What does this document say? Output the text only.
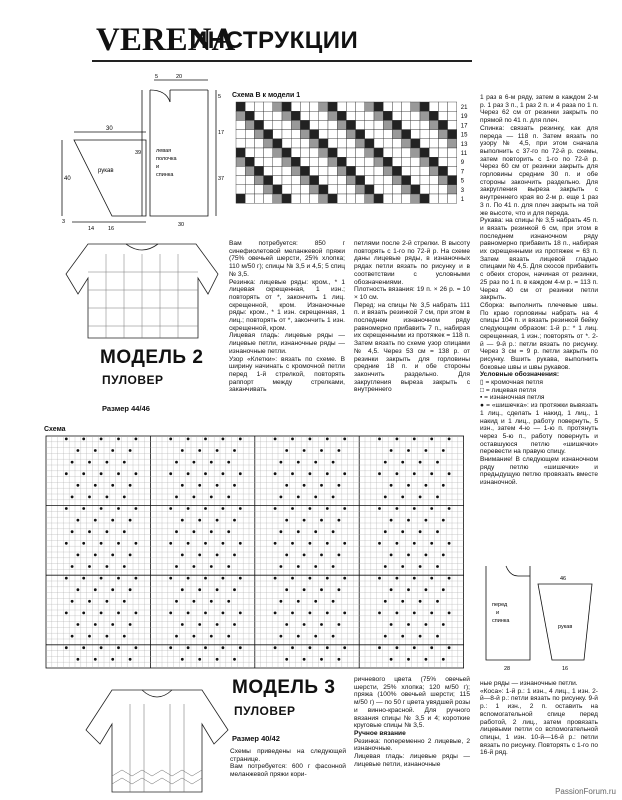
VERENA
ИНСТРУКЦИИ
30
40
рукав
5	20
5
17
37
39	левая
полочка
и
спинка
14	16
30
3
Схема B к модели 1
21
19
17
15
13
11
9
7
5
3
1

1 раз в 6-м ряду, затем в каждом 2-м р. 1 раз 3 п., 1 раз 2 п. и 4 раза по 1 п. Через 62 см от резинки закрыть по прямой по 41 п. для плеч.

Спинка: связать резинку, как для переда — 118 п. Затем вязать по узору № 4,5, при этом сначала выполнить с 37-го по 72-й р. схемы, затем повторить с 1-го по 72-й р. Через 60 см от резинки закрыть для горловины средние 30 п. и обе стороны закончить раздельно. Для закругления выреза закрыть с внутреннего края во 2-м р. еще 1 раз 3 п. По 41 п. для плеч закрыть на той же высоте, что и для переда.

Рукава: на спицы № 3,5 набрать 45 п. и вязать резинкой 6 см, при этом в последнем изнаночном ряду равномерно прибавить 18 п., набирая их скрещенными из протяжек = 63 п. Затем вязать лицевой гладью спицами № 4,5. Для скосов прибавить с обеих сторон, начиная от резинки, 25 раз по 1 п. в каждом 4-м р. = 113 п. Через 40 см от резинки петли закрыть.

Сборка: выполнить плечевые швы. По краю горловины набрать на 4 спицы 104 п. и вязать резинкой бейку следующим образом: 1-й р.: * 1 лиц. скрещенная, 1 изн.; повторять от *. 2-й — 9-й р.: петли вязать по рисунку. Через 3 см = 9 р. петли закрыть по рисунку. Вшить рукава, выполнить боковые швы и швы рукавов.

Условные обозначения:

▯ = кромочная петля

□ = лицевая петля

▪ = изнаночная петля

● = «шишечка»: из протяжки вывязать 1 лиц., сделать 1 накид, 1 лиц., 1 накид и 1 лиц., работу повернуть, 5 изн., затем 4-ю — 1-ю п. протянуть через 5-ю п., работу повернуть и оставшуюся петлю «шишечки» перевести на правую спицу.

Внимание! В следующем изнаночном ряду петлю «шишечки» и предыдущую петлю провязать вместе изнаночной.

МОДЕЛЬ 2
ПУЛОВЕР
Размер 44/46

Вам потребуется: 850 г синефиолетовой меланжевой пряжи (75% овечьей шерсти, 25% хлопка; 110 м/50 г); спицы № 3,5 и 4,5; 5 спиц № 3,5.

Резинка: лицевые ряды: кром., * 1 лицевая скрещенная, 1 изн.; повторять от *, закончить 1 лиц. скрещенной, кром. Изнаночные ряды: кром., * 1 изн. скрещенная, 1 лиц.; повторять от *, закончить 1 изн. скрещенной, кром.

Лицевая гладь: лицевые ряды — лицевые петли, изнаночные ряды — изнаночные петли.

Узор «Клетки»: вязать по схеме. В ширину начинать с кромочной петли перед 1-й стрелкой, повторять раппорт между стрелками, заканчивать

петлями после 2-й стрелки. В высоту повторять с 1-го по 72-й р. На схеме даны лицевые ряды, в изнаночных рядах петли вязать по рисунку и в соответствии с условными обозначениями.

Плотность вязания: 19 п. × 26 р. = 10 × 10 см.

Перед: на спицы № 3,5 набрать 111 п. и вязать резинкой 7 см, при этом в последнем изнаночном ряду равномерно прибавить 7 п., набирая их скрещенными из протяжек = 118 п. Затем вязать по схеме узор спицами № 4,5. Через 53 см = 138 р. от резинки закрыть для горловины средние 18 п. и обе стороны закончить раздельно. Для закругления выреза закрыть с внутреннего

Схема
перед
и
спинка
рукав
28	16
46
МОДЕЛЬ 3
ПУЛОВЕР
Размер 40/42

Схемы приведены на следующей странице.

Вам потребуется: 600 г фасонной меланжевой пряжи кори-

ричневого цвета (75% овечьей шерсти, 25% хлопка; 120 м/50 г); пряжа (100% овечьей шерсти; 115 м/50 г) — по 50 г цвета увядшей розы и винно-красной. Для ручного вязания спицы № 3,5 и 4; короткие круговые спицы № 3,5.

Ручное вязание

Резинка: попеременно 2 лицевые, 2 изнаночные.

Лицевая гладь: лицевые ряды — лицевые петли, изнаночные

ные ряды — изнаночные петли.

«Коса»: 1-й р.: 1 изн., 4 лиц., 1 изн. 2-й—8-й р.: петли вязать по рисунку. 9-й р.: 1 изн., 2 п. оставить на вспомогательной спице перед работой, 2 лиц., затем провязать лицевыми петли со вспомогательной спицы, 1 изн. 10-й—16-й р.: петли вязать по рисунку. Повторять с 1-го по 16-й ряд.

PassionForum.ru
